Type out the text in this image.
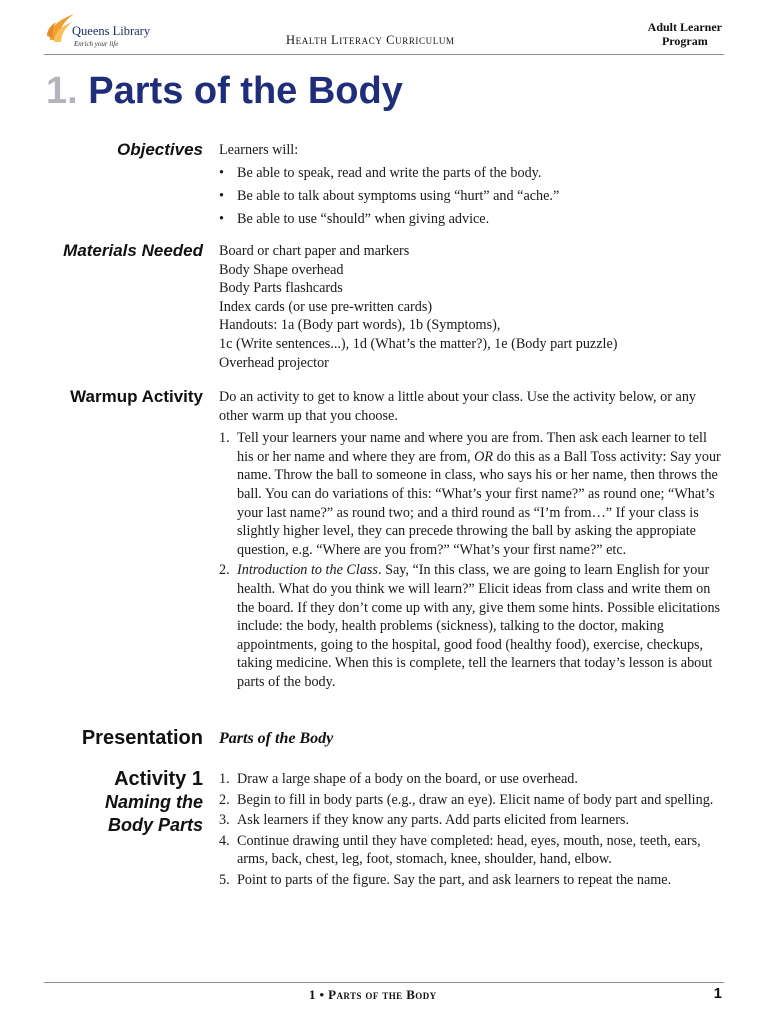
Queens Library
Enrich your life	Health Literacy Curriculum
Adult Learner
Program
1. Parts of the Body
Objectives Learners will:

• Be able to speak, read and write the parts of the body.
• Be able to talk about symptoms using “hurt” and “ache.”
• Be able to use “should” when giving advice.
Materials Needed Board or chart paper and markers

Body Shape overhead

Body Parts flashcards

Index cards (or use pre-written cards)

Handouts: 1a (Body part words), 1b (Symptoms),

1c (Write sentences...), 1d (What’s the matter?), 1e (Body part puzzle)

Overhead projector

Warmup Activity Do an activity to get to know a little about your class. Use the activity below, or any other warm up that you choose.

1. Tell your learners your name and where you are from. Then ask each learner to tell his or her name and where they are from, OR do this as a Ball Toss activity: Say your name. Throw the ball to someone in class, who says his or her name, then throws the ball. You can do variations of this: “What’s your first name?” as round one; “What’s your last name?” as round two; and a third round as “I’m from…” If your class is slightly higher level, they can precede throwing the ball by asking the appropiate question, e.g. “Where are you from?” “What’s your first name?” etc.
2. Introduction to the Class. Say, “In this class, we are going to learn English for your health. What do you think we will learn?” Elicit ideas from class and write them on the board. If they don’t come up with any, give them some hints. Possible elicitations include: the body, health problems (sickness), talking to the doctor, making appointments, going to the hospital, good food (healthy food), exercise, checkups, taking medicine. When this is complete, tell the learners that today’s lesson is about parts of the body.
Presentation Parts of the Body
Activity 1
Naming the
Body Parts
1. Draw a large shape of a body on the board, or use overhead.
2. Begin to fill in body parts (e.g., draw an eye). Elicit name of body part and spelling.
3. Ask learners if they know any parts. Add parts elicited from learners.
4. Continue drawing until they have completed: head, eyes, mouth, nose, teeth, ears, arms, back, chest, leg, foot, stomach, knee, shoulder, hand, elbow.
5. Point to parts of the figure. Say the part, and ask learners to repeat the name.
1 • Parts of the Body	1
